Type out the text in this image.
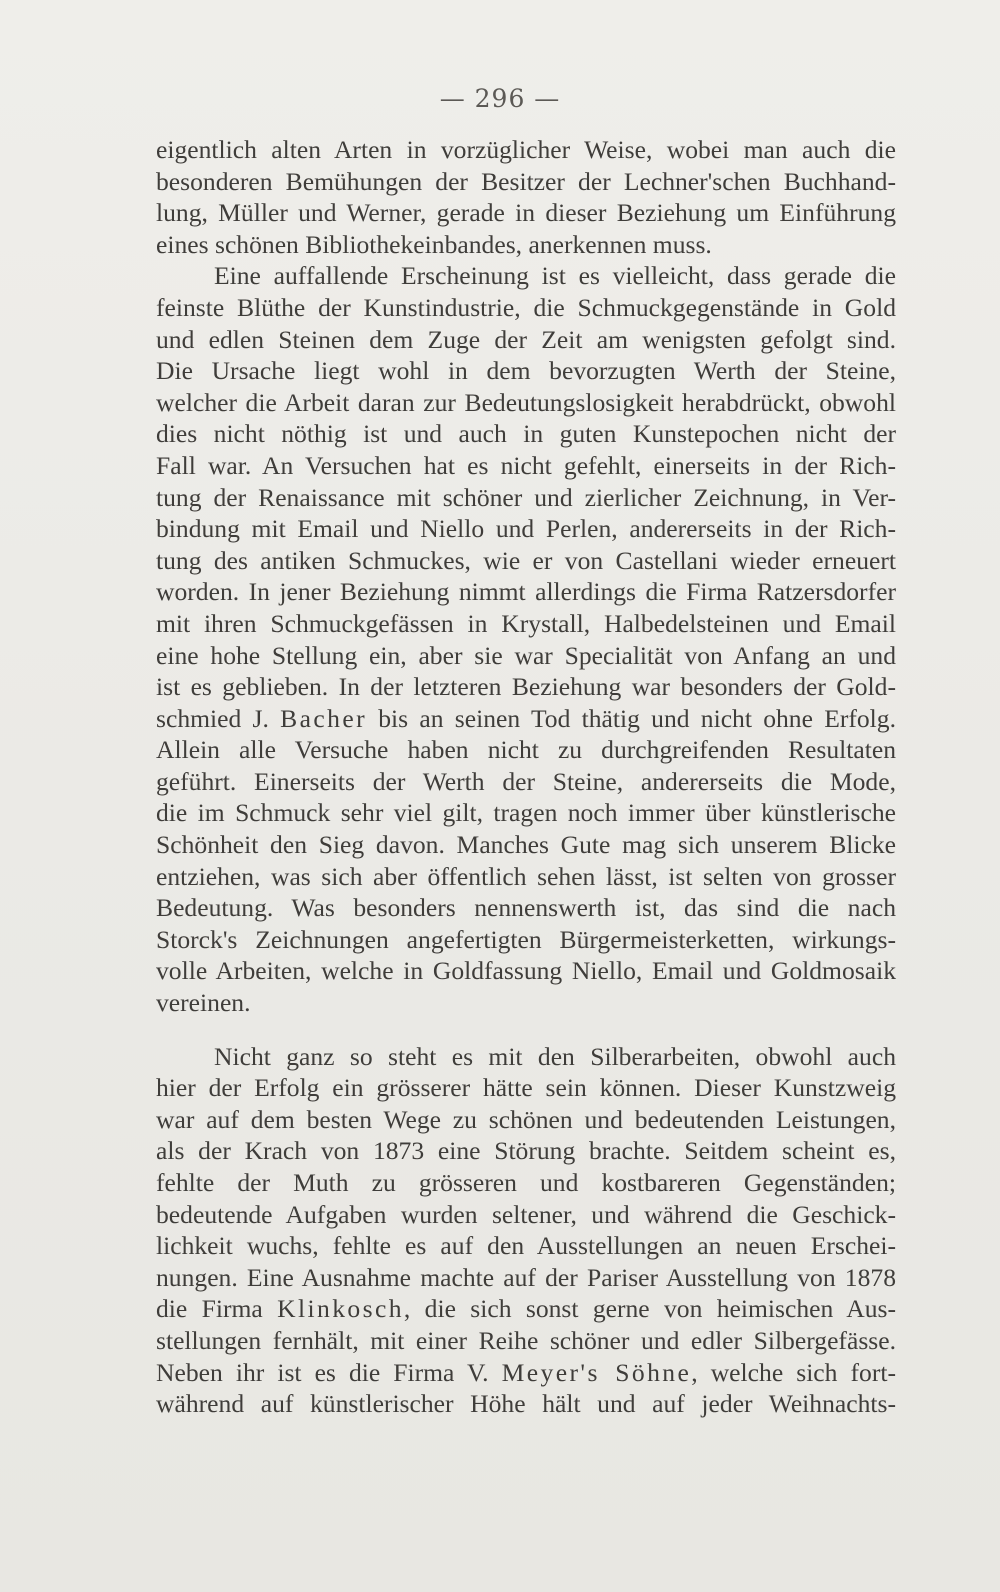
— 296 —
eigentlich alten Arten in vorzüglicher Weise, wobei man auch die
besonderen Bemühungen der Besitzer der Lechner'schen Buchhand-
lung, Müller und Werner, gerade in dieser Beziehung um Einführung
eines schönen Bibliothekeinbandes, anerkennen muss.
Eine auffallende Erscheinung ist es vielleicht, dass gerade die
feinste Blüthe der Kunstindustrie, die Schmuckgegenstände in Gold
und edlen Steinen dem Zuge der Zeit am wenigsten gefolgt sind.
Die Ursache liegt wohl in dem bevorzugten Werth der Steine,
welcher die Arbeit daran zur Bedeutungslosigkeit herabdrückt, obwohl
dies nicht nöthig ist und auch in guten Kunstepochen nicht der
Fall war. An Versuchen hat es nicht gefehlt, einerseits in der Rich-
tung der Renaissance mit schöner und zierlicher Zeichnung, in Ver-
bindung mit Email und Niello und Perlen, andererseits in der Rich-
tung des antiken Schmuckes, wie er von Castellani wieder erneuert
worden. In jener Beziehung nimmt allerdings die Firma Ratzersdorfer
mit ihren Schmuckgefässen in Krystall, Halbedelsteinen und Email
eine hohe Stellung ein, aber sie war Specialität von Anfang an und
ist es geblieben. In der letzteren Beziehung war besonders der Gold-
schmied J. Bacher bis an seinen Tod thätig und nicht ohne Erfolg.
Allein alle Versuche haben nicht zu durchgreifenden Resultaten
geführt. Einerseits der Werth der Steine, andererseits die Mode,
die im Schmuck sehr viel gilt, tragen noch immer über künstlerische
Schönheit den Sieg davon. Manches Gute mag sich unserem Blicke
entziehen, was sich aber öffentlich sehen lässt, ist selten von grosser
Bedeutung. Was besonders nennenswerth ist, das sind die nach
Storck's Zeichnungen angefertigten Bürgermeisterketten, wirkungs-
volle Arbeiten, welche in Goldfassung Niello, Email und Goldmosaik
vereinen.
Nicht ganz so steht es mit den Silberarbeiten, obwohl auch
hier der Erfolg ein grösserer hätte sein können. Dieser Kunstzweig
war auf dem besten Wege zu schönen und bedeutenden Leistungen,
als der Krach von 1873 eine Störung brachte. Seitdem scheint es,
fehlte der Muth zu grösseren und kostbareren Gegenständen;
bedeutende Aufgaben wurden seltener, und während die Geschick-
lichkeit wuchs, fehlte es auf den Ausstellungen an neuen Erschei-
nungen. Eine Ausnahme machte auf der Pariser Ausstellung von 1878
die Firma Klinkosch, die sich sonst gerne von heimischen Aus-
stellungen fernhält, mit einer Reihe schöner und edler Silbergefässe.
Neben ihr ist es die Firma V. Meyer's Söhne, welche sich fort-
während auf künstlerischer Höhe hält und auf jeder Weihnachts-
